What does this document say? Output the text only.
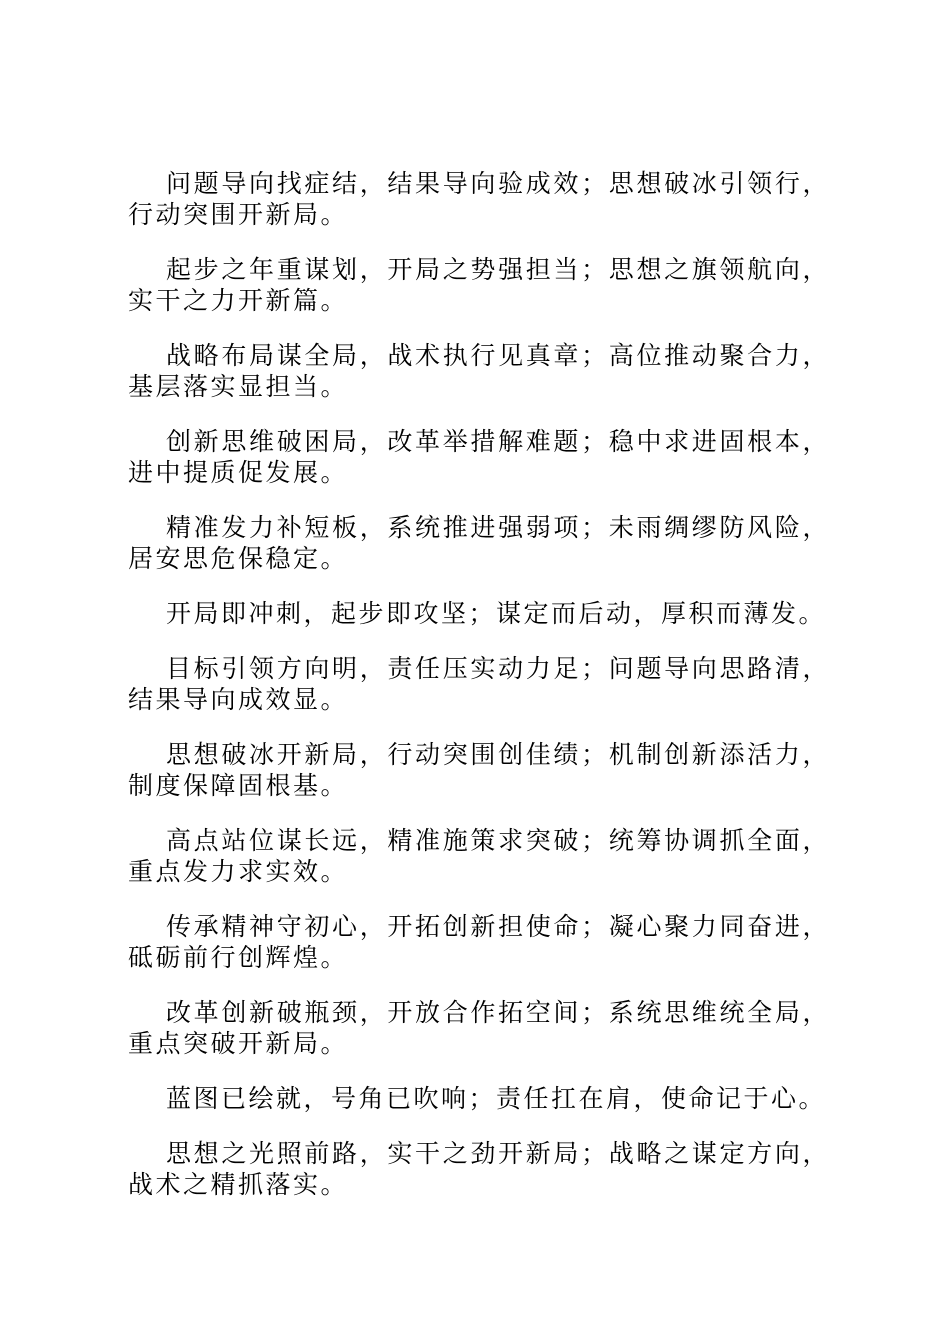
问题导向找症结，结果导向验成效；思想破冰引领行，行动突围开新局。

起步之年重谋划，开局之势强担当；思想之旗领航向，实干之力开新篇。

战略布局谋全局，战术执行见真章；高位推动聚合力，基层落实显担当。

创新思维破困局，改革举措解难题；稳中求进固根本，进中提质促发展。

精准发力补短板，系统推进强弱项；未雨绸缪防风险，居安思危保稳定。

开局即冲刺，起步即攻坚；谋定而后动，厚积而薄发。

目标引领方向明，责任压实动力足；问题导向思路清，结果导向成效显。

思想破冰开新局，行动突围创佳绩；机制创新添活力，制度保障固根基。

高点站位谋长远，精准施策求突破；统筹协调抓全面，重点发力求实效。

传承精神守初心，开拓创新担使命；凝心聚力同奋进，砥砺前行创辉煌。

改革创新破瓶颈，开放合作拓空间；系统思维统全局，重点突破开新局。

蓝图已绘就，号角已吹响；责任扛在肩，使命记于心。

思想之光照前路，实干之劲开新局；战略之谋定方向，战术之精抓落实。
